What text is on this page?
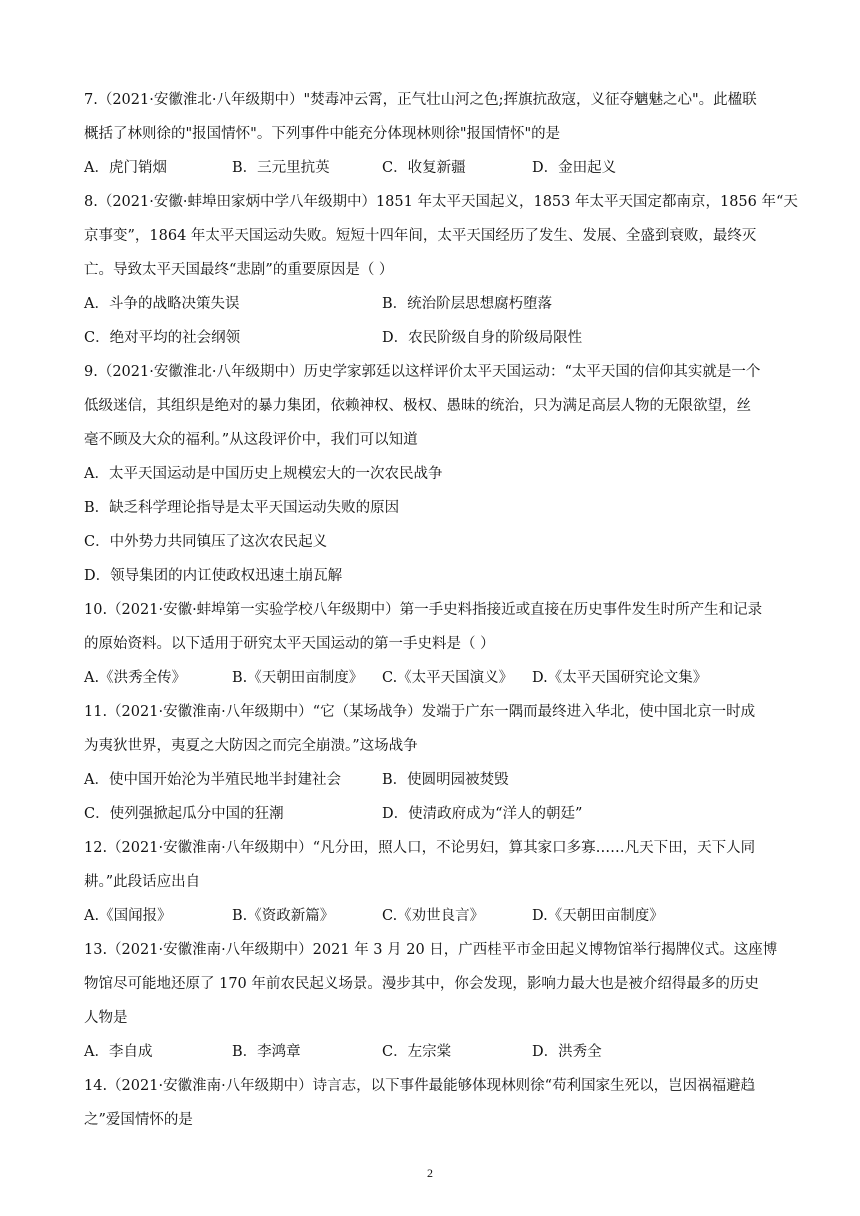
7.（2021·安徽淮北·八年级期中）"焚毒冲云霄，正气壮山河之色;挥旗抗敌寇，义征夺魑魅之心"。此楹联
概括了林则徐的"报国情怀"。下列事件中能充分体现林则徐"报国情怀"的是
A．虎门销烟	B．三元里抗英	C．收复新疆	D．金田起义
8.（2021·安徽·蚌埠田家炳中学八年级期中）1851 年太平天国起义，1853 年太平天国定都南京，1856 年“天
京事变”，1864 年太平天国运动失败。短短十四年间，太平天国经历了发生、发展、全盛到衰败，最终灭
亡。导致太平天国最终“悲剧”的重要原因是（ ）
A．斗争的战略决策失误	B．统治阶层思想腐朽堕落
C．绝对平均的社会纲领	D．农民阶级自身的阶级局限性
9.（2021·安徽淮北·八年级期中）历史学家郭廷以这样评价太平天国运动：“太平天国的信仰其实就是一个
低级迷信，其组织是绝对的暴力集团，依赖神权、极权、愚昧的统治，只为满足高层人物的无限欲望，丝
毫不顾及大众的福利。”从这段评价中，我们可以知道
A．太平天国运动是中国历史上规模宏大的一次农民战争
B．缺乏科学理论指导是太平天国运动失败的原因
C．中外势力共同镇压了这次农民起义
D．领导集团的内讧使政权迅速土崩瓦解
10.（2021·安徽·蚌埠第一实验学校八年级期中）第一手史料指接近或直接在历史事件发生时所产生和记录
的原始资料。以下适用于研究太平天国运动的第一手史料是（ ）
A.《洪秀全传》	B.《天朝田亩制度》 C.《太平天国演义》 D.《太平天国研究论文集》
11.（2021·安徽淮南·八年级期中）“它（某场战争）发端于广东一隅而最终进入华北，使中国北京一时成
为夷狄世界，夷夏之大防因之而完全崩溃。”这场战争
A．使中国开始沦为半殖民地半封建社会	B．使圆明园被焚毁
C．使列强掀起瓜分中国的狂潮	D．使清政府成为“洋人的朝廷”
12.（2021·安徽淮南·八年级期中）“凡分田，照人口，不论男妇，算其家口多寡……凡天下田，天下人同
耕。”此段话应出自
A.《国闻报》	B.《资政新篇》	C.《劝世良言》	D.《天朝田亩制度》
13.（2021·安徽淮南·八年级期中）2021 年 3 月 20 日，广西桂平市金田起义博物馆举行揭牌仪式。这座博
物馆尽可能地还原了 170 年前农民起义场景。漫步其中，你会发现，影响力最大也是被介绍得最多的历史
人物是
A．李自成	B．李鸿章	C．左宗棠	D．洪秀全
14.（2021·安徽淮南·八年级期中）诗言志，以下事件最能够体现林则徐“苟利国家生死以，岂因祸福避趋
之”爱国情怀的是
2
